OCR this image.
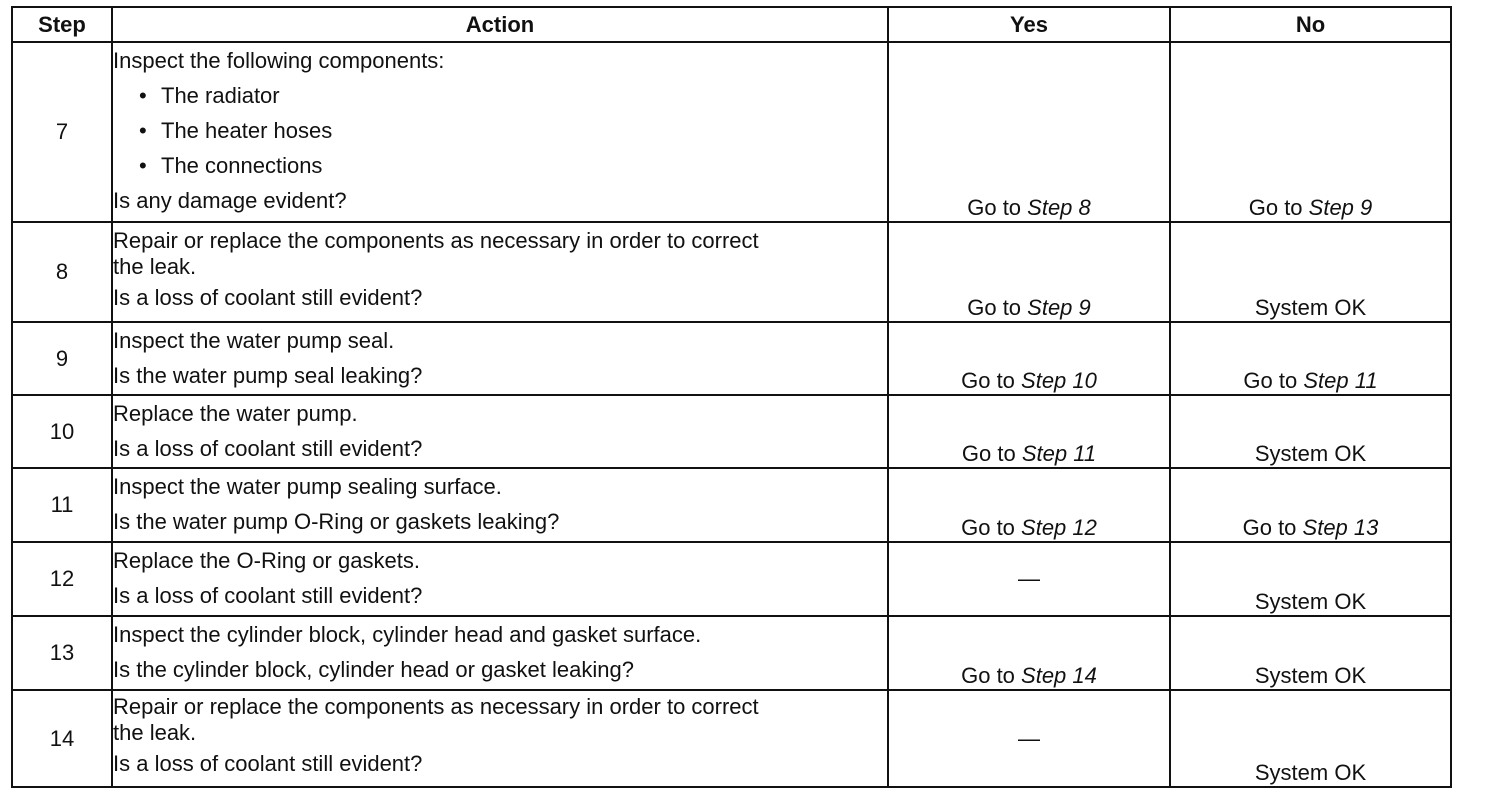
Step	Action	Yes	No
7	Inspect the following components:
• The radiator
• The heater hoses
• The connections
Is any damage evident?	Go to Step 8	Go to Step 9
8	Repair or replace the components as necessary in order to correct
the leak.
Is a loss of coolant still evident?	Go to Step 9	System OK
9	Inspect the water pump seal.
Is the water pump seal leaking?	Go to Step 10	Go to Step 11
10	Replace the water pump.
Is a loss of coolant still evident?	Go to Step 11	System OK
11	Inspect the water pump sealing surface.
Is the water pump O-Ring or gaskets leaking?	Go to Step 12	Go to Step 13
12	Replace the O-Ring or gaskets.
Is a loss of coolant still evident?	—	System OK
13	Inspect the cylinder block, cylinder head and gasket surface.
Is the cylinder block, cylinder head or gasket leaking?	Go to Step 14	System OK
14	Repair or replace the components as necessary in order to correct
the leak.
Is a loss of coolant still evident?	—	System OK
